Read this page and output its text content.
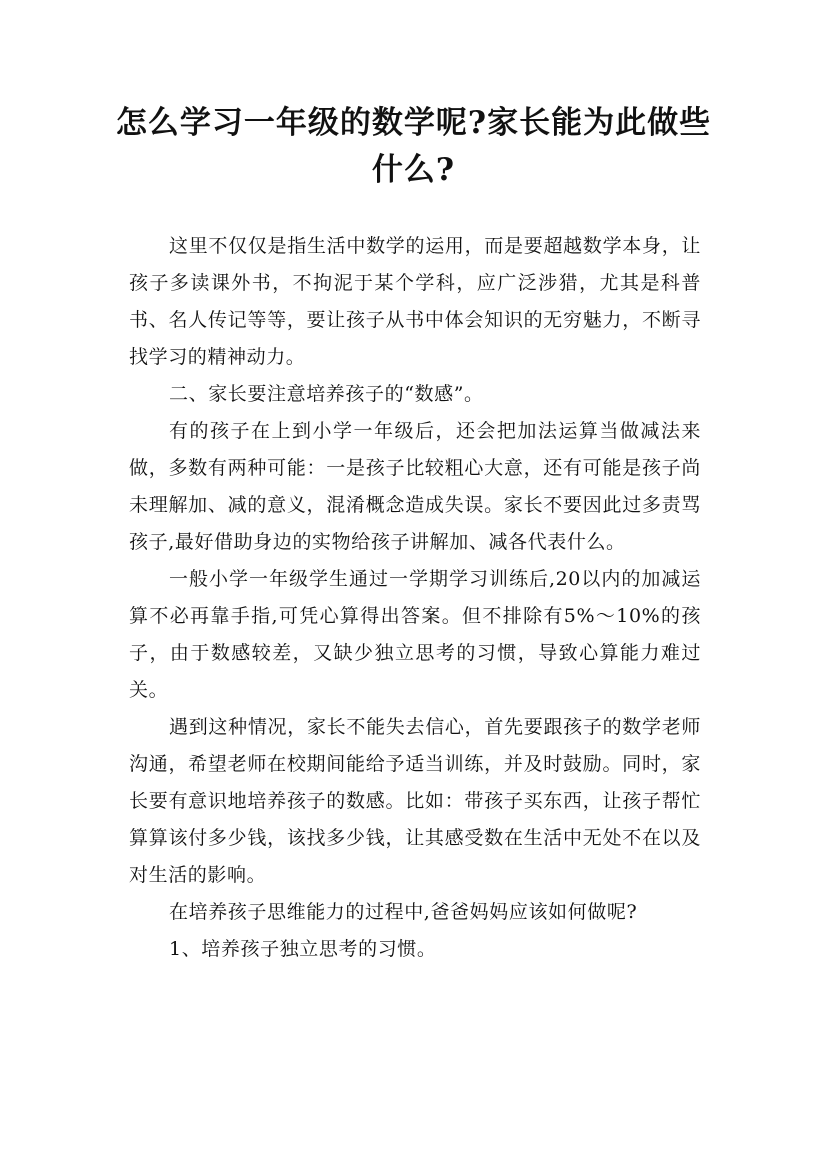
怎么学习一年级的数学呢?家长能为此做些
什么?

这里不仅仅是指生活中数学的运用，而是要超越数学本身，让孩子多读课外书，不拘泥于某个学科，应广泛涉猎，尤其是科普书、名人传记等等，要让孩子从书中体会知识的无穷魅力，不断寻找学习的精神动力。

二、家长要注意培养孩子的“数感”。

有的孩子在上到小学一年级后，还会把加法运算当做减法来做，多数有两种可能：一是孩子比较粗心大意，还有可能是孩子尚未理解加、减的意义，混淆概念造成失误。家长不要因此过多责骂孩子,最好借助身边的实物给孩子讲解加、减各代表什么。

一般小学一年级学生通过一学期学习训练后,20以内的加减运算不必再靠手指,可凭心算得出答案。但不排除有5%～10%的孩子，由于数感较差，又缺少独立思考的习惯，导致心算能力难过关。

遇到这种情况，家长不能失去信心，首先要跟孩子的数学老师沟通，希望老师在校期间能给予适当训练，并及时鼓励。同时，家长要有意识地培养孩子的数感。比如：带孩子买东西，让孩子帮忙算算该付多少钱，该找多少钱，让其感受数在生活中无处不在以及对生活的影响。

在培养孩子思维能力的过程中,爸爸妈妈应该如何做呢?

1、培养孩子独立思考的习惯。
